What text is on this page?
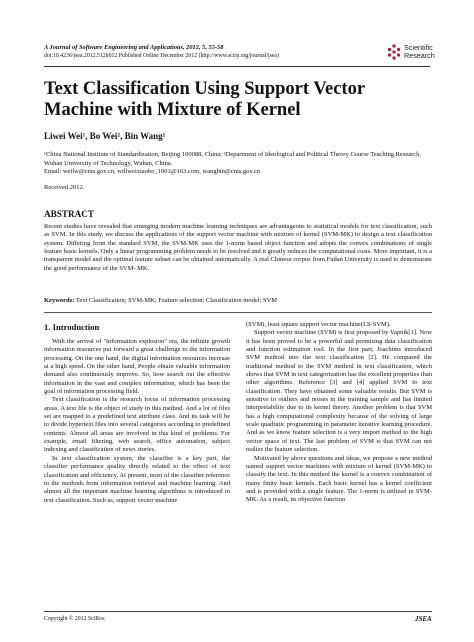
A Journal of Software Engineering and Applications, 2012, 5, 55-58
doi:10.4236/jsea.2012.512b012 Published Online December 2012 (http://www.scirp.org/journal/jsea)
Scientific
Research
Text Classification Using Support Vector Machine with Mixture of Kernel
Liwei Wei¹, Bo Wei², Bin Wang¹
¹China National Institute of Standardization, Beijing 100088, China; ²Department of Ideological and Political Theory Course Teaching Research, Wuhan University of Technology, Wuhan, China.
Email: weilw@cnis.gov.cn, willweixiaobo_1001@163.com, wangbin@cnis.gov.cn
Received 2012.
ABSTRACT
Recent studies have revealed that emerging modern machine learning techniques are advantageous to statistical models for text classification, such as SVM. In this study, we discuss the applications of the support vector machine with mixture of kernel (SVM-MK) to design a text classification system. Differing from the standard SVM, the SVM-MK uses the 1-norm based object function and adopts the convex combinations of single feature basic kernels. Only a linear programming problem needs to be resolved and it greatly reduces the computational costs. More important, it is a transparent model and the optimal feature subset can be obtained automatically. A real Chinese corpus from Fudan University is used to demonstrate the good performance of the SVM- MK.
Keywords: Text Classification; SVM-MK; Feature selection; Classification model; SVM
1. Introduction

With the arrival of "information explosion" era, the infinite growth information resources put forward a great challenge to the information processing. On the one hand, the digital information resources increase at a high speed. On the other hand, People obtain valuable information demand also continuously improve. So, how search out the effective information in the vast and complex information, which has been the goal of information processing field.

Text classification is the research focus of information processing areas. A text file is the object of study in this method. And a lot of files set are mapped to a predefined text attribute class. And its task will be to divide hypertext files into several categories according to predefined contents. Almost all areas are involved in this kind of problems. For example, email filtering, web search, office automation, subject indexing and classification of news stories.

In text classification system, the classifier is a key part, the classifier performance quality directly related to the effect of text classification and efficiency. At present, most of the classifier reference to the methods from information retrieval and machine learning. And almost all the important machine learning algorithms is introduced in text classification. Such as, support vector machine

(SVM), least square support vector machine(LS-SVM).

Support vector machine (SVM) is first proposed by Vapnik[1]. Now it has been proved to be a powerful and promising data classification and function estimation tool. In the first part, Joachims introduced SVM method into the text classification [2]. He compared the traditional method to the SVM method in text classification, which shows that SVM in text categorization has the excellent properties than other algorithms. Reference [3] and [4] applied SVM to text classification. They have obtained some valuable results. But SVM is sensitive to outliers and noises in the training sample and has limited interpretability due to its kernel theory. Another problem is that SVM has a high computational complexity because of the solving of large scale quadratic programming in parameter iterative learning procedure. And as we know feature selection is a very import method to the high vector space of text. The last problem of SVM is that SVM can not realize the feature selection.

Motivated by above questions and ideas, we propose a new method named support vector machines with mixture of kernel (SVM-MK) to classify the text. In this method the kernel is a convex combination of many finity basic kernels. Each basic kernel has a kernel coefficient and is provided with a single feature. The 1-norm is utilized in SVM-MK. As a result, its objective function

Copyright © 2012 SciRes.	JSEA
